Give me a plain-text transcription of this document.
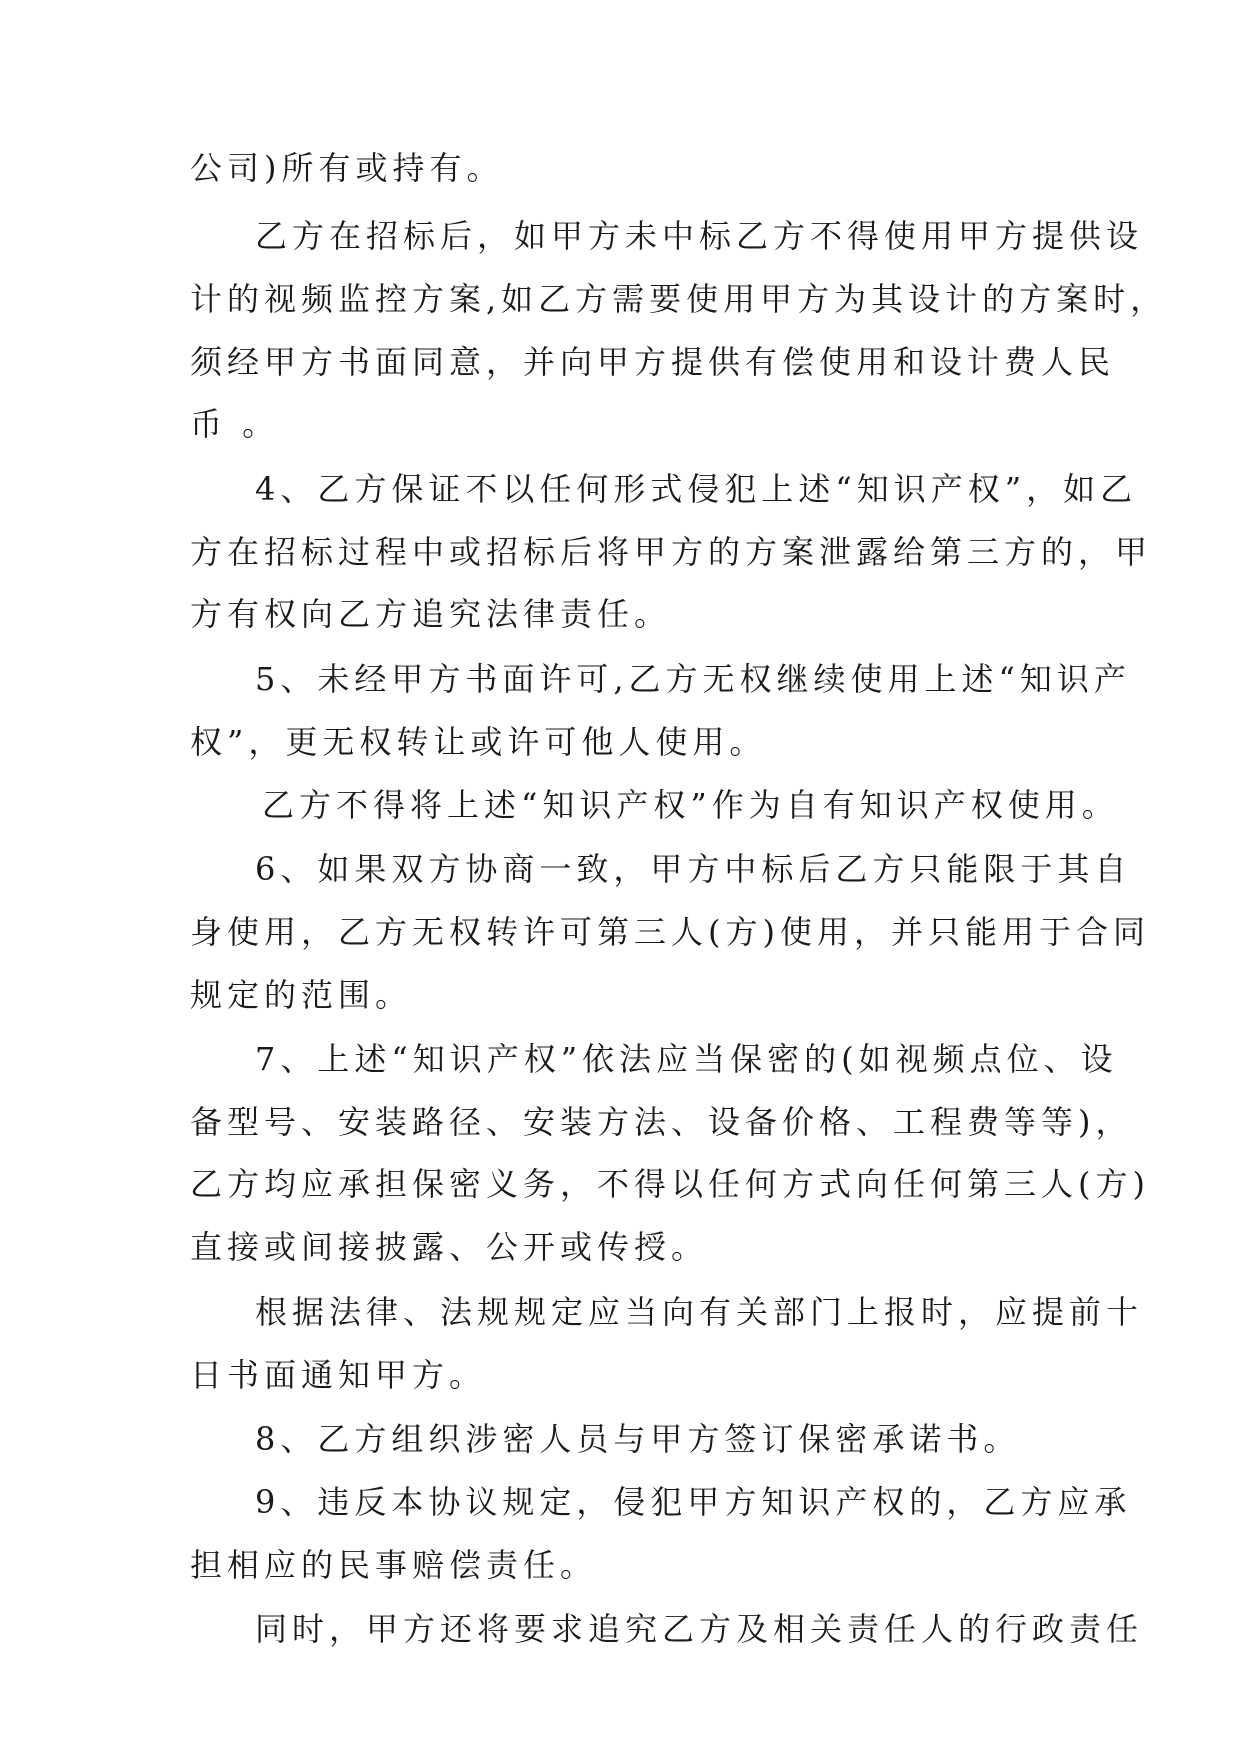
公司)所有或持有。
乙方在招标后，如甲方未中标乙方不得使用甲方提供设
计的视频监控方案,如乙方需要使用甲方为其设计的方案时，
须经甲方书面同意，并向甲方提供有偿使用和设计费人民
币 。
4、乙方保证不以任何形式侵犯上述“知识产权”，如乙
方在招标过程中或招标后将甲方的方案泄露给第三方的，甲
方有权向乙方追究法律责任。
5、未经甲方书面许可,乙方无权继续使用上述“知识产
权”，更无权转让或许可他人使用。
乙方不得将上述“知识产权”作为自有知识产权使用。
6、如果双方协商一致，甲方中标后乙方只能限于其自
身使用，乙方无权转许可第三人(方)使用，并只能用于合同
规定的范围。
7、上述“知识产权”依法应当保密的(如视频点位、设
备型号、安装路径、安装方法、设备价格、工程费等等)，
乙方均应承担保密义务，不得以任何方式向任何第三人(方)
直接或间接披露、公开或传授。
根据法律、法规规定应当向有关部门上报时，应提前十
日书面通知甲方。
8、乙方组织涉密人员与甲方签订保密承诺书。
9、违反本协议规定，侵犯甲方知识产权的，乙方应承
担相应的民事赔偿责任。
同时，甲方还将要求追究乙方及相关责任人的行政责任
